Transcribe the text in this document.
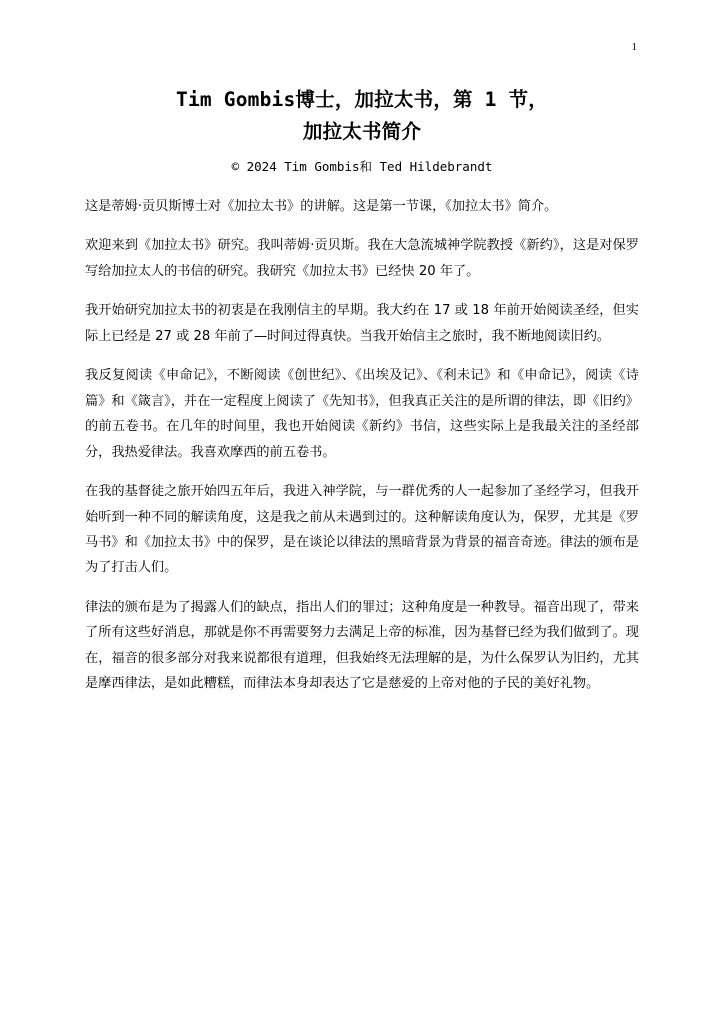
1
Tim Gombis博士，加拉太书，第 1 节，
加拉太书简介
© 2024 Tim Gombis和 Ted Hildebrandt

这是蒂姆·贡贝斯博士对《加拉太书》的讲解。这是第一节课，《加拉太书》简介。

欢迎来到《加拉太书》研究。我叫蒂姆·贡贝斯。我在大急流城神学院教授《新约》，这是对保罗写给加拉太人的书信的研究。我研究《加拉太书》已经快 20 年了。

我开始研究加拉太书的初衷是在我刚信主的早期。我大约在 17 或 18 年前开始阅读圣经，但实际上已经是 27 或 28 年前了—时间过得真快。当我开始信主之旅时，我不断地阅读旧约。

我反复阅读《申命记》，不断阅读《创世纪》、《出埃及记》、《利未记》和《申命记》，阅读《诗篇》和《箴言》，并在一定程度上阅读了《先知书》，但我真正关注的是所谓的律法，即《旧约》的前五卷书。在几年的时间里，我也开始阅读《新约》书信，这些实际上是我最关注的圣经部分，我热爱律法。我喜欢摩西的前五卷书。

在我的基督徒之旅开始四五年后，我进入神学院，与一群优秀的人一起参加了圣经学习，但我开始听到一种不同的解读角度，这是我之前从未遇到过的。这种解读角度认为，保罗，尤其是《罗马书》和《加拉太书》中的保罗，是在谈论以律法的黑暗背景为背景的福音奇迹。律法的颁布是为了打击人们。

律法的颁布是为了揭露人们的缺点，指出人们的罪过；这种角度是一种教导。福音出现了，带来了所有这些好消息，那就是你不再需要努力去满足上帝的标准，因为基督已经为我们做到了。现在，福音的很多部分对我来说都很有道理，但我始终无法理解的是，为什么保罗认为旧约，尤其是摩西律法，是如此糟糕，而律法本身却表达了它是慈爱的上帝对他的子民的美好礼物。
